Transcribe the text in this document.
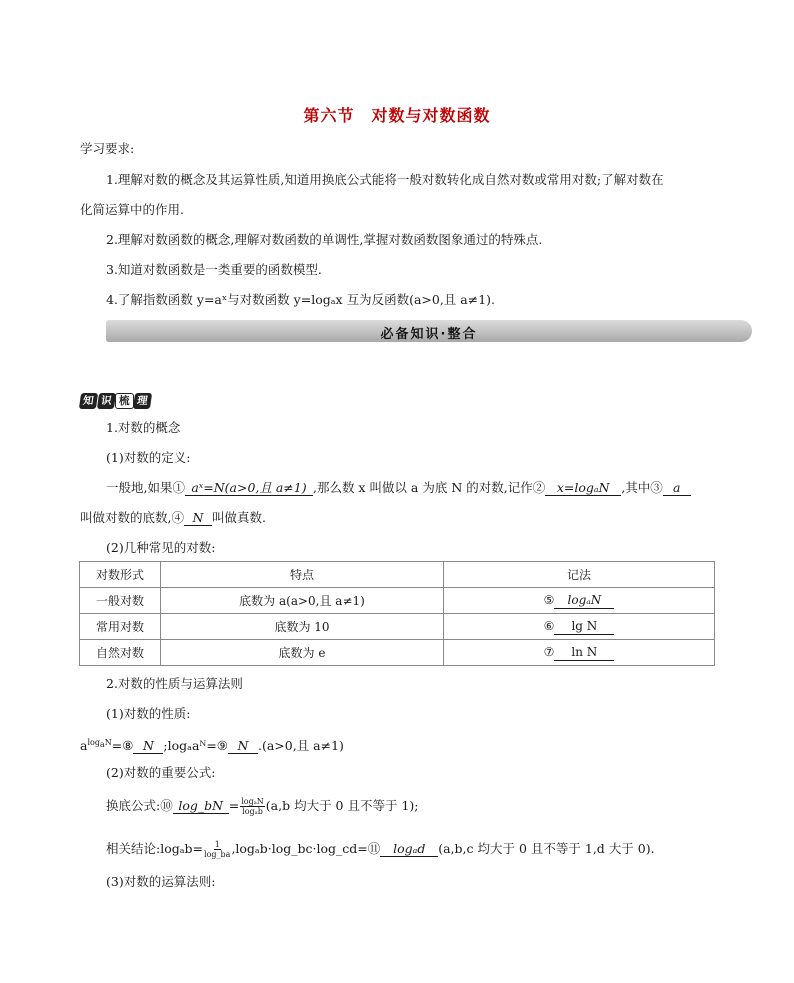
第六节　对数与对数函数
学习要求:
1.理解对数的概念及其运算性质,知道用换底公式能将一般对数转化成自然对数或常用对数;了解对数在
化简运算中的作用.
2.理解对数函数的概念,理解对数函数的单调性,掌握对数函数图象通过的特殊点.
3.知道对数函数是一类重要的函数模型.
4.了解指数函数 y=aˣ与对数函数 y=logₐx 互为反函数(a>0,且 a≠1).
必备知识·整合
知 识 梳 理
1.对数的概念
(1)对数的定义:
一般地,如果① aˣ=N(a>0,且 a≠1) ,那么数 x 叫做以 a 为底 N 的对数,记作② x=logₐN ,其中③ a
叫做对数的底数,④ N 叫做真数.
(2)几种常见的对数:
对数形式	特点	记法
一般对数	底数为 a(a>0,且 a≠1)	⑤ logₐN
常用对数	底数为 10	⑥ lg N
自然对数	底数为 e	⑦ ln N
2.对数的性质与运算法则
(1)对数的性质:
$a^{log_aN}=⑧$ N ;logₐaᴺ=⑨ N .(a>0,且 a≠1)
(2)对数的重要公式:
换底公式:⑩ log_bN = $\frac{\text{logₐN}}{\text{logₐb}} (a,b$ 均大于 0 且不等于 1);
相关结论:logₐb= $\frac{1}{\log\_ba}$ ,logₐb·log_bc·log_cd=⑪ logₐd (a,b,c 均大于 0 且不等于 1,d 大于 0).
(3)对数的运算法则:
